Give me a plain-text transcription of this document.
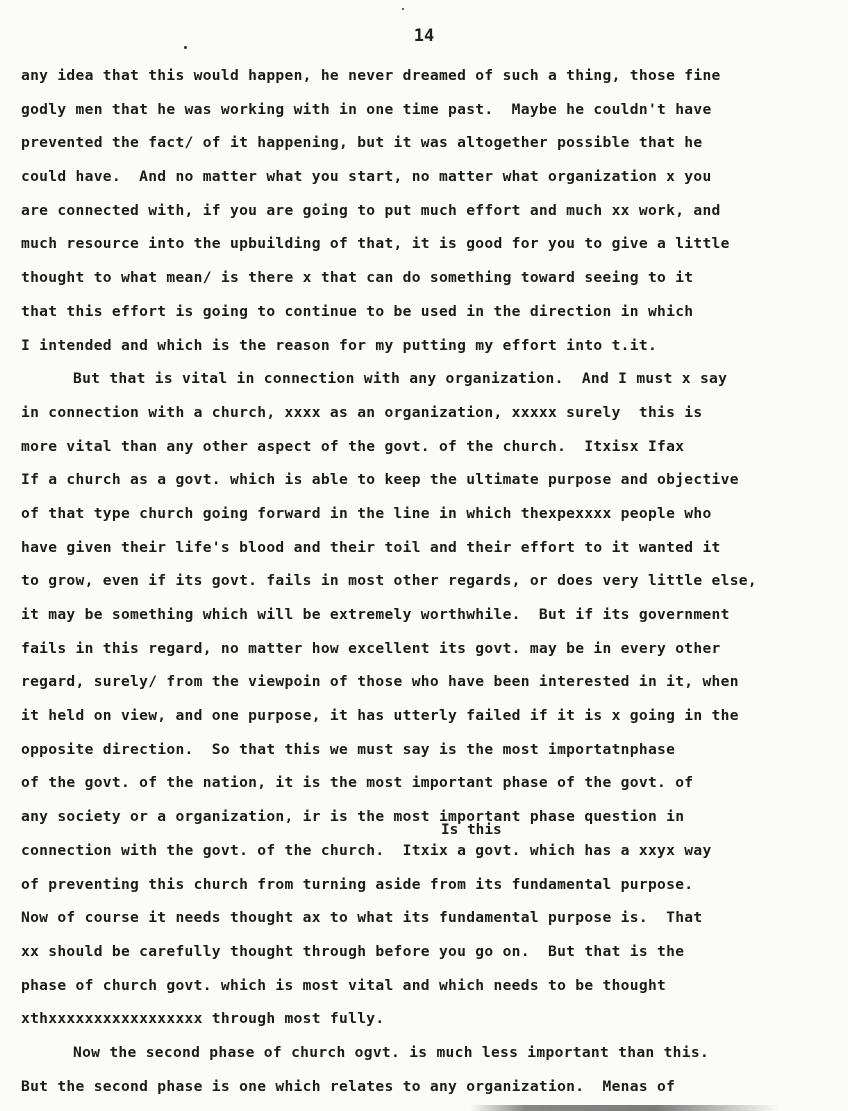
14
any idea that this would happen, he never dreamed of such a thing, those fine
godly men that he was working with in one time past.  Maybe he couldn't have
prevented the fact/ of it happening, but it was altogether possible that he
could have.  And no matter what you start, no matter what organization x you
are connected with, if you are going to put much effort and much xx work, and
much resource into the upbuilding of that, it is good for you to give a little
thought to what mean/ is there x that can do something toward seeing to it
that this effort is going to continue to be used in the direction in which
I intended and which is the reason for my putting my effort into t.it.
But that is vital in connection with any organization.  And I must x say
in connection with a church, xxxx as an organization, xxxxx surely  this is
more vital than any other aspect of the govt. of the church.  Itxisx Ifax
If a church as a govt. which is able to keep the ultimate purpose and objective
of that type church going forward in the line in which thexpexxxx people who
have given their life's blood and their toil and their effort to it wanted it
to grow, even if its govt. fails in most other regards, or does very little else,
it may be something which will be extremely worthwhile.  But if its government
fails in this regard, no matter how excellent its govt. may be in every other
regard, surely/ from the viewpoin of those who have been interested in it, when
it held on view, and one purpose, it has utterly failed if it is x going in the
opposite direction.  So that this we must say is the most importatnphase
of the govt. of the nation, it is the most important phase of the govt. of
any society or a organization, ir is the most important phase question in
connection with the govt. of the church.  Itxix a govt. which has a xxyx way
of preventing this church from turning aside from its fundamental purpose.
Now of course it needs thought ax to what its fundamental purpose is.  That
xx should be carefully thought through before you go on.  But that is the
phase of church govt. which is most vital and which needs to be thought
xthxxxxxxxxxxxxxxxxx through most fully.
Now the second phase of church ogvt. is much less important than this.
But the second phase is one which relates to any organization.  Menas of
Is this
